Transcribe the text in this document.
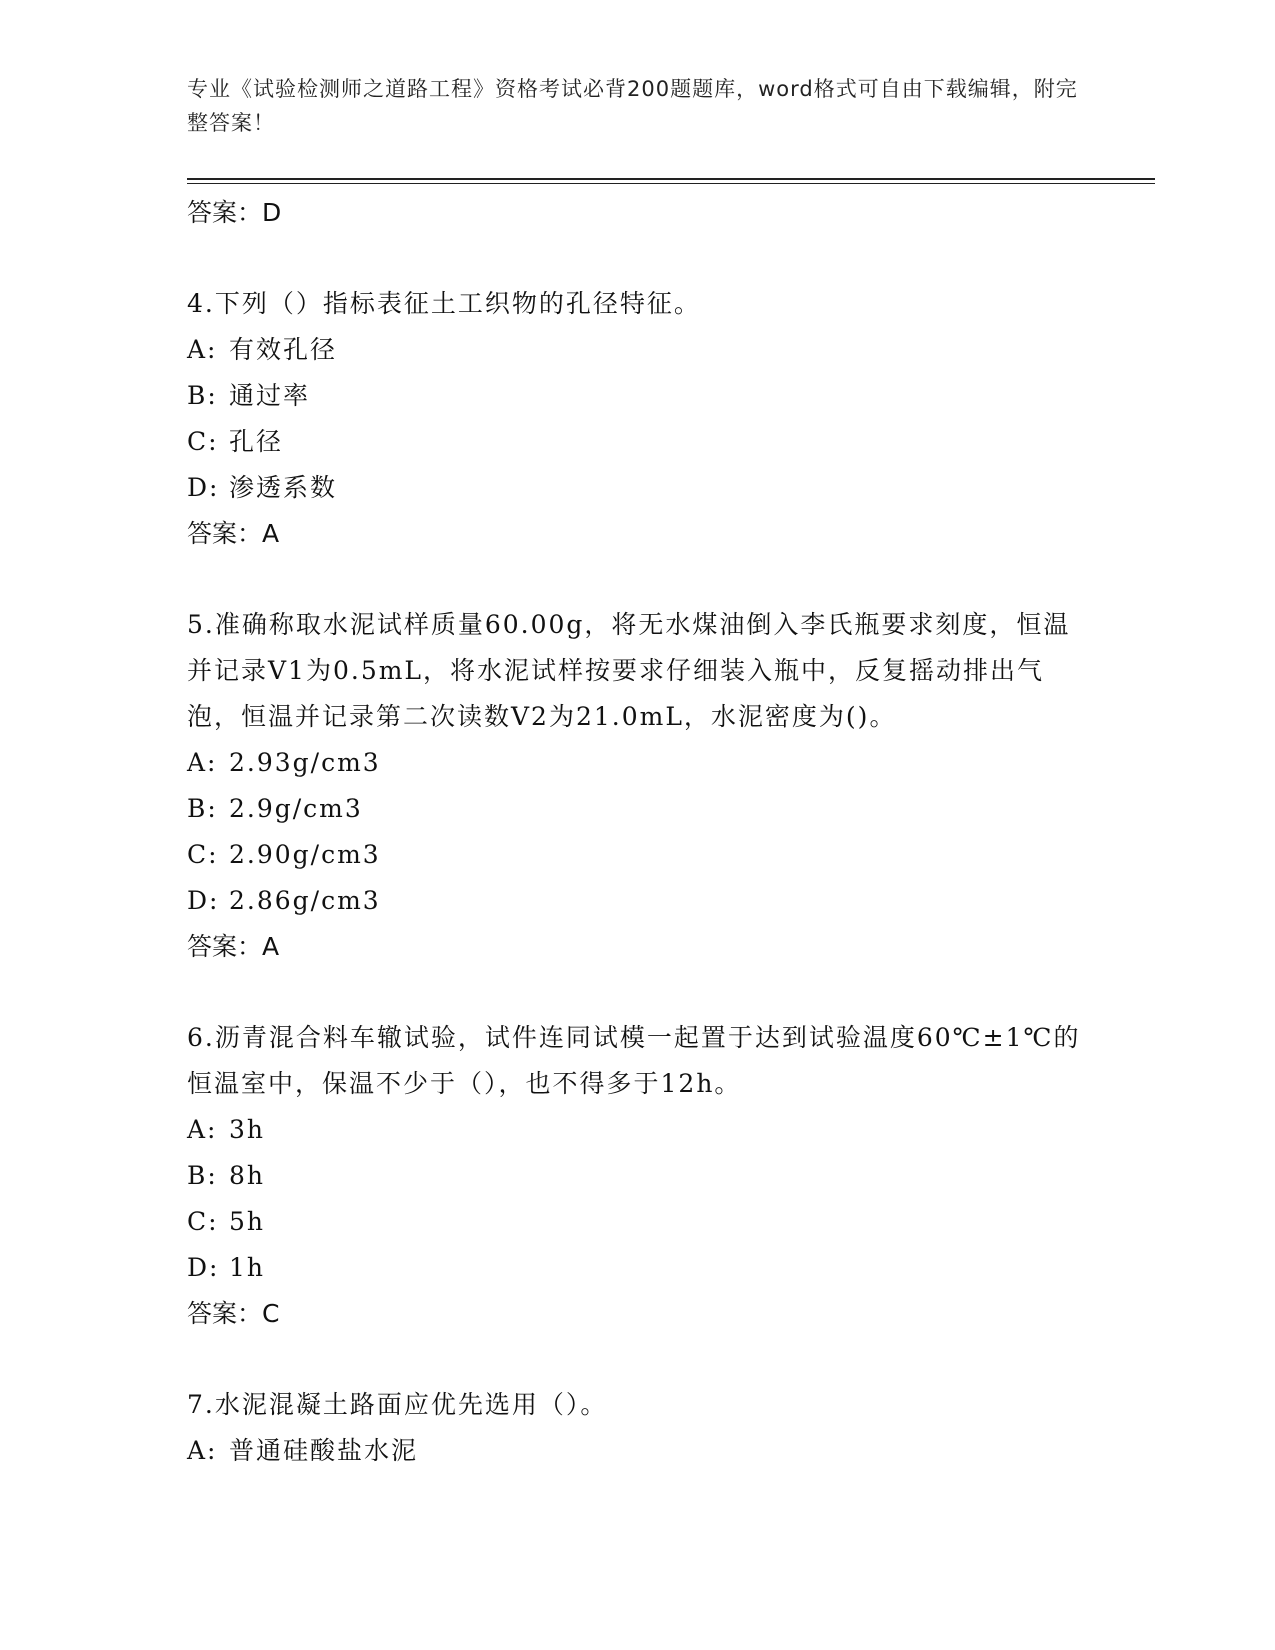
专业《试验检测师之道路工程》资格考试必背200题题库，word格式可自由下载编辑，附完整答案！

答案：D

4.下列（）指标表征土工织物的孔径特征。

A: 有效孔径

B: 通过率

C: 孔径

D: 渗透系数

答案：A

5.准确称取水泥试样质量60.00g，将无水煤油倒入李氏瓶要求刻度，恒温并记录V1为0.5mL，将水泥试样按要求仔细装入瓶中，反复摇动排出气泡，恒温并记录第二次读数V2为21.0mL，水泥密度为()。

A: 2.93g/cm3

B: 2.9g/cm3

C: 2.90g/cm3

D: 2.86g/cm3

答案：A

6.沥青混合料车辙试验，试件连同试模一起置于达到试验温度60℃±1℃的恒温室中，保温不少于（），也不得多于12h。

A: 3h

B: 8h

C: 5h

D: 1h

答案：C

7.水泥混凝土路面应优先选用（）。

A: 普通硅酸盐水泥
